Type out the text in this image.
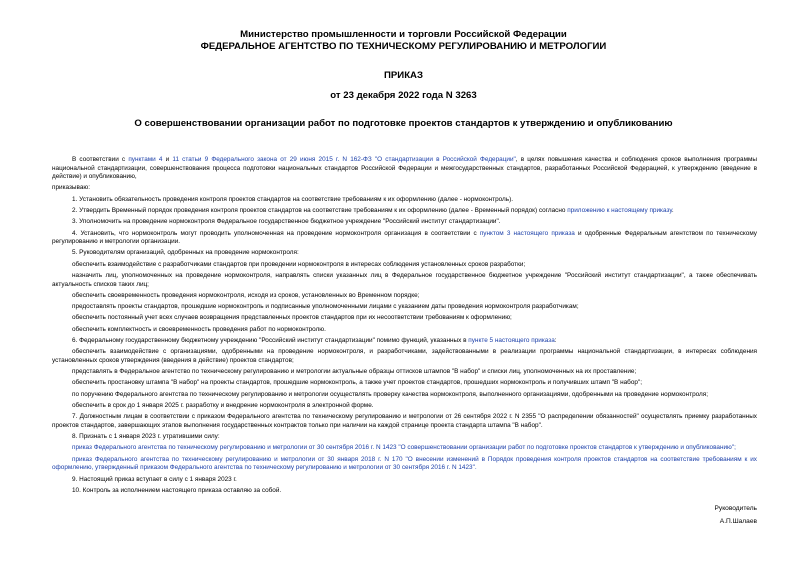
Министерство промышленности и торговли Российской Федерации
ФЕДЕРАЛЬНОЕ АГЕНТСТВО ПО ТЕХНИЧЕСКОМУ РЕГУЛИРОВАНИЮ И МЕТРОЛОГИИ
ПРИКАЗ
от 23 декабря 2022 года N 3263
О совершенствовании организации работ по подготовке проектов стандартов к утверждению и опубликованию

В соответствии с пунктами 4 и 11 статьи 9 Федерального закона от 29 июня 2015 г. N 162-ФЗ "О стандартизации в Российской Федерации", в целях повышения качества и соблюдения сроков выполнения программы национальной стандартизации, совершенствования процесса подготовки национальных стандартов Российской Федерации и межгосударственных стандартов, разработанных Российской Федерацией, к утверждению (введение в действие) и опубликованию,

приказываю:

1. Установить обязательность проведения контроля проектов стандартов на соответствие требованиям к их оформлению (далее - нормоконтроль).

2. Утвердить Временный порядок проведения контроля проектов стандартов на соответствие требованиям к их оформлению (далее - Временный порядок) согласно приложению к настоящему приказу.

3. Уполномочить на проведение нормоконтроля Федеральное государственное бюджетное учреждение "Российский институт стандартизации".

4. Установить, что нормоконтроль могут проводить уполномоченная на проведение нормоконтроля организация в соответствии с пунктом 3 настоящего приказа и одобренные Федеральным агентством по техническому регулированию и метрологии организации.

5. Руководителям организаций, одобренных на проведение нормоконтроля:

обеспечить взаимодействие с разработчиками стандартов при проведении нормоконтроля в интересах соблюдения установленных сроков разработки;

назначить лиц, уполномоченных на проведение нормоконтроля, направлять списки указанных лиц в Федеральное государственное бюджетное учреждение "Российский институт стандартизации", а также обеспечивать актуальность списков таких лиц;

обеспечить своевременность проведения нормоконтроля, исходя из сроков, установленных во Временном порядке;

предоставлять проекты стандартов, прошедшие нормоконтроль и подписанные уполномоченными лицами с указанием даты проведения нормоконтроля разработчикам;

обеспечить постоянный учет всех случаев возвращения представленных проектов стандартов при их несоответствии требованиям к оформлению;

обеспечить комплектность и своевременность проведения работ по нормоконтролю.

6. Федеральному государственному бюджетному учреждению "Российский институт стандартизации" помимо функций, указанных в пункте 5 настоящего приказа:

обеспечить взаимодействие с организациями, одобренными на проведение нормоконтроля, и разработчиками, задействованными в реализации программы национальной стандартизации, в интересах соблюдения установленных сроков утверждения (введения в действие) проектов стандартов;

представлять в Федеральное агентство по техническому регулированию и метрологии актуальные образцы оттисков штампов "В набор" и списки лиц, уполномоченных на их проставление;

обеспечить простановку штампа "В набор" на проекты стандартов, прошедшие нормоконтроль, а также учет проектов стандартов, прошедших нормоконтроль и получивших штамп "В набор";

по поручению Федерального агентства по техническому регулированию и метрологии осуществлять проверку качества нормоконтроля, выполненного организациями, одобренными на проведение нормоконтроля;

обеспечить в срок до 1 января 2025 г. разработку и внедрение нормоконтроля в электронной форме.

7. Должностным лицам в соответствии с приказом Федерального агентства по техническому регулированию и метрологии от 26 сентября 2022 г. N 2355 "О распределении обязанностей" осуществлять приемку разработанных проектов стандартов, завершающих этапов выполнения государственных контрактов только при наличии на каждой странице проекта стандарта штампа "В набор".

8. Признать с 1 января 2023 г. утратившими силу:

приказ Федерального агентства по техническому регулированию и метрологии от 30 сентября 2016 г. N 1423 "О совершенствовании организации работ по подготовке проектов стандартов к утверждению и опубликованию";

приказ Федерального агентства по техническому регулированию и метрологии от 30 января 2018 г. N 170 "О внесении изменений в Порядок проведения контроля проектов стандартов на соответствие требованиям к их оформлению, утвержденный приказом Федерального агентства по техническому регулированию и метрологии от 30 сентября 2016 г. N 1423".

9. Настоящий приказ вступает в силу с 1 января 2023 г.

10. Контроль за исполнением настоящего приказа оставляю за собой.

Руководитель
А.П.Шалаев
